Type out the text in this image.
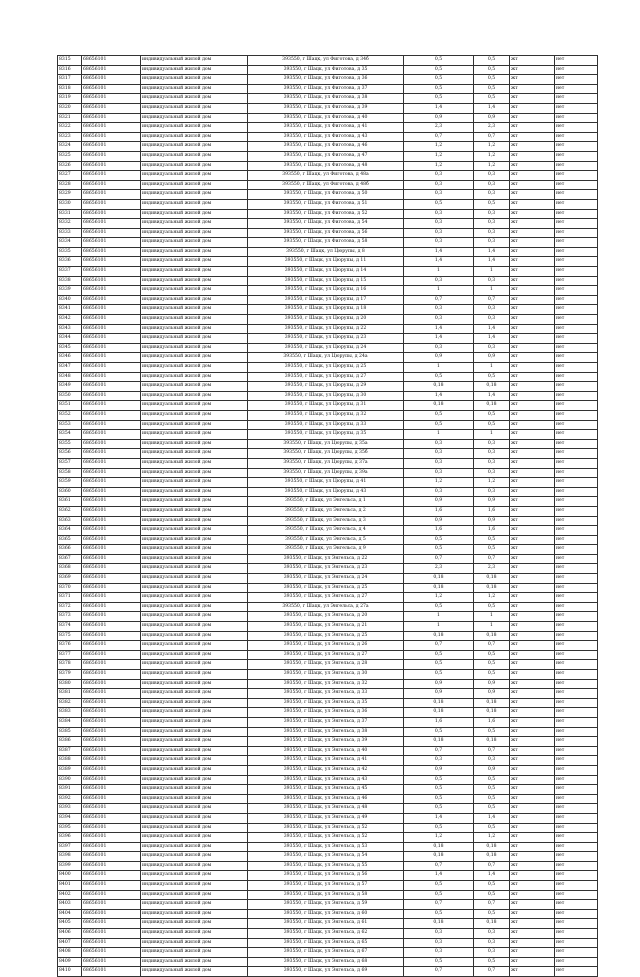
8315	68656101	индивидуальный жилой дом	393550, г Шацк, ул Фиготова, д 34б	0,5	0,5	жт	нет
8316	68656101	индивидуальный жилой дом	393550, г Шацк, ул Фиготова, д 35	0,5	0,5	жт	нет
8317	68656101	индивидуальный жилой дом	393550, г Шацк, ул Фиготова, д 36	0,5	0,5	жт	нет
8318	68656101	индивидуальный жилой дом	393550, г Шацк, ул Фиготова, д 37	0,5	0,5	жт	нет
8319	68656101	индивидуальный жилой дом	393550, г Шацк, ул Фиготова, д 38	0,5	0,5	жт	нет
8320	68656101	индивидуальный жилой дом	393550, г Шацк, ул Фиготова, д 39	1,4	1,4	жт	нет
8321	68656101	индивидуальный жилой дом	393550, г Шацк, ул Фиготова, д 40	0,9	0,9	жт	нет
8322	68656101	индивидуальный жилой дом	393550, г Шацк, ул Фиготова, д 41	2,3	2,3	жт	нет
8323	68656101	индивидуальный жилой дом	393550, г Шацк, ул Фиготова, д 43	0,7	0,7	жт	нет
8324	68656101	индивидуальный жилой дом	393550, г Шацк, ул Фиготова, д 46	1,2	1,2	жт	нет
8325	68656101	индивидуальный жилой дом	393550, г Шацк, ул Фиготова, д 47	1,2	1,2	жт	нет
8326	68656101	индивидуальный жилой дом	393550, г Шацк, ул Фиготова, д 48	1,2	1,2	жт	нет
8327	68656101	индивидуальный жилой дом	393550, г Шацк, ул Фиготова, д 48а	0,3	0,3	жт	нет
8328	68656101	индивидуальный жилой дом	393550, г Шацк, ул Фиготова, д 48б	0,3	0,3	жт	нет
8329	68656101	индивидуальный жилой дом	393550, г Шацк, ул Фиготова, д 50	0,3	0,3	жт	нет
8330	68656101	индивидуальный жилой дом	393550, г Шацк, ул Фиготова, д 51	0,5	0,5	жт	нет
8331	68656101	индивидуальный жилой дом	393550, г Шацк, ул Фиготова, д 52	0,3	0,3	жт	нет
8332	68656101	индивидуальный жилой дом	393550, г Шацк, ул Фиготова, д 54	0,3	0,3	жт	нет
8333	68656101	индивидуальный жилой дом	393550, г Шацк, ул Фиготова, д 56	0,3	0,3	жт	нет
8334	68656101	индивидуальный жилой дом	393550, г Шацк, ул Фиготова, д 58	0,3	0,3	жт	нет
8335	68656101	индивидуальный жилой дом	393550, г Шацк, ул Цюрупы, д 8	1,4	1,4	жт	нет
8336	68656101	индивидуальный жилой дом	393550, г Шацк, ул Цюрупы, д 11	1,4	1,4	жт	нет
8337	68656101	индивидуальный жилой дом	393550, г Шацк, ул Цюрупы, д 14	1	1	жт	нет
8338	68656101	индивидуальный жилой дом	393550, г Шацк, ул Цюрупы, д 15	0,3	0,3	жт	нет
8339	68656101	индивидуальный жилой дом	393550, г Шацк, ул Цюрупы, д 16	1	1	жт	нет
8340	68656101	индивидуальный жилой дом	393550, г Шацк, ул Цюрупы, д 17	0,7	0,7	жт	нет
8341	68656101	индивидуальный жилой дом	393550, г Шацк, ул Цюрупы, д 18	0,3	0,3	жт	нет
8342	68656101	индивидуальный жилой дом	393550, г Шацк, ул Цюрупы, д 20	0,3	0,3	жт	нет
8343	68656101	индивидуальный жилой дом	393550, г Шацк, ул Цюрупы, д 22	1,4	1,4	жт	нет
8344	68656101	индивидуальный жилой дом	393550, г Шацк, ул Цюрупы, д 23	1,4	1,4	жт	нет
8345	68656101	индивидуальный жилой дом	393550, г Шацк, ул Цюрупы, д 24	0,3	0,3	жт	нет
8346	68656101	индивидуальный жилой дом	393550, г Шацк, ул Цюрупы, д 24а	0,9	0,9	жт	нет
8347	68656101	индивидуальный жилой дом	393550, г Шацк, ул Цюрупы, д 25	1	1	жт	нет
8348	68656101	индивидуальный жилой дом	393550, г Шацк, ул Цюрупы, д 27	0,5	0,5	жт	нет
8349	68656101	индивидуальный жилой дом	393550, г Шацк, ул Цюрупы, д 29	0,18	0,18	жт	нет
8350	68656101	индивидуальный жилой дом	393550, г Шацк, ул Цюрупы, д 30	1,4	1,4	жт	нет
8351	68656101	индивидуальный жилой дом	393550, г Шацк, ул Цюрупы, д 31	0,18	0,18	жт	нет
8352	68656101	индивидуальный жилой дом	393550, г Шацк, ул Цюрупы, д 32	0,5	0,5	жт	нет
8353	68656101	индивидуальный жилой дом	393550, г Шацк, ул Цюрупы, д 33	0,5	0,5	жт	нет
8354	68656101	индивидуальный жилой дом	393550, г Шацк, ул Цюрупы, д 35	1	1	жт	нет
8355	68656101	индивидуальный жилой дом	393550, г Шацк, ул Цюрупы, д 35а	0,3	0,3	жт	нет
8356	68656101	индивидуальный жилой дом	393550, г Шацк, ул Цюрупы, д 35б	0,3	0,3	жт	нет
8357	68656101	индивидуальный жилой дом	393550, г Шацк, ул Цюрупы, д 37а	0,3	0,3	жт	нет
8358	68656101	индивидуальный жилой дом	393550, г Шацк, ул Цюрупы, д 39а	0,3	0,3	жт	нет
8359	68656101	индивидуальный жилой дом	393550, г Шацк, ул Цюрупы, д 41	1,2	1,2	жт	нет
8360	68656101	индивидуальный жилой дом	393550, г Шацк, ул Цюрупы, д 43	0,3	0,3	жт	нет
8361	68656101	индивидуальный жилой дом	393550, г Шацк, ул Энгельса, д 1	0,9	0,9	жт	нет
8362	68656101	индивидуальный жилой дом	393550, г Шацк, ул Энгельса, д 2	1,6	1,6	жт	нет
8363	68656101	индивидуальный жилой дом	393550, г Шацк, ул Энгельса, д 3	0,9	0,9	жт	нет
8364	68656101	индивидуальный жилой дом	393550, г Шацк, ул Энгельса, д 4	1,6	1,6	жт	нет
8365	68656101	индивидуальный жилой дом	393550, г Шацк, ул Энгельса, д 5	0,5	0,5	жт	нет
8366	68656101	индивидуальный жилой дом	393550, г Шацк, ул Энгельса, д 9	0,5	0,5	жт	нет
8367	68656101	индивидуальный жилой дом	393550, г Шацк, ул Энгельса, д 22	0,7	0,7	жт	нет
8368	68656101	индивидуальный жилой дом	393550, г Шацк, ул Энгельса, д 23	2,3	2,3	жт	нет
8369	68656101	индивидуальный жилой дом	393550, г Шацк, ул Энгельса, д 24	0,18	0,18	жт	нет
8370	68656101	индивидуальный жилой дом	393550, г Шацк, ул Энгельса, д 25	0,18	0,18	жт	нет
8371	68656101	индивидуальный жилой дом	393550, г Шацк, ул Энгельса, д 27	1,2	1,2	жт	нет
8372	68656101	индивидуальный жилой дом	393550, г Шацк, ул Энгельса, д 27а	0,5	0,5	жт	нет
8373	68656101	индивидуальный жилой дом	393550, г Шацк, ул Энгельса, д 20	1	1	жт	нет
8374	68656101	индивидуальный жилой дом	393550, г Шацк, ул Энгельса, д 21	1	1	жт	нет
8375	68656101	индивидуальный жилой дом	393550, г Шацк, ул Энгельса, д 25	0,18	0,18	жт	нет
8376	68656101	индивидуальный жилой дом	393550, г Шацк, ул Энгельса, д 26	0,7	0,7	жт	нет
8377	68656101	индивидуальный жилой дом	393550, г Шацк, ул Энгельса, д 27	0,5	0,5	жт	нет
8378	68656101	индивидуальный жилой дом	393550, г Шацк, ул Энгельса, д 28	0,5	0,5	жт	нет
8379	68656101	индивидуальный жилой дом	393550, г Шацк, ул Энгельса, д 30	0,5	0,5	жт	нет
8380	68656101	индивидуальный жилой дом	393550, г Шацк, ул Энгельса, д 32	0,9	0,9	жт	нет
8381	68656101	индивидуальный жилой дом	393550, г Шацк, ул Энгельса, д 33	0,9	0,9	жт	нет
8382	68656101	индивидуальный жилой дом	393550, г Шацк, ул Энгельса, д 35	0,18	0,18	жт	нет
8383	68656101	индивидуальный жилой дом	393550, г Шацк, ул Энгельса, д 36	0,18	0,18	жт	нет
8384	68656101	индивидуальный жилой дом	393550, г Шацк, ул Энгельса, д 37	1,6	1,6	жт	нет
8385	68656101	индивидуальный жилой дом	393550, г Шацк, ул Энгельса, д 38	0,5	0,5	жт	нет
8386	68656101	индивидуальный жилой дом	393550, г Шацк, ул Энгельса, д 39	0,18	0,18	жт	нет
8387	68656101	индивидуальный жилой дом	393550, г Шацк, ул Энгельса, д 40	0,7	0,7	жт	нет
8388	68656101	индивидуальный жилой дом	393550, г Шацк, ул Энгельса, д 41	0,3	0,3	жт	нет
8389	68656101	индивидуальный жилой дом	393550, г Шацк, ул Энгельса, д 42	0,9	0,9	жт	нет
8390	68656101	индивидуальный жилой дом	393550, г Шацк, ул Энгельса, д 43	0,5	0,5	жт	нет
8391	68656101	индивидуальный жилой дом	393550, г Шацк, ул Энгельса, д 45	0,5	0,5	жт	нет
8392	68656101	индивидуальный жилой дом	393550, г Шацк, ул Энгельса, д 46	0,5	0,5	жт	нет
8393	68656101	индивидуальный жилой дом	393550, г Шацк, ул Энгельса, д 48	0,5	0,5	жт	нет
8394	68656101	индивидуальный жилой дом	393550, г Шацк, ул Энгельса, д 49	1,4	1,4	жт	нет
8395	68656101	индивидуальный жилой дом	393550, г Шацк, ул Энгельса, д 52	0,5	0,5	жт	нет
8396	68656101	индивидуальный жилой дом	393550, г Шацк, ул Энгельса, д 52	1,2	1,2	жт	нет
8397	68656101	индивидуальный жилой дом	393550, г Шацк, ул Энгельса, д 53	0,18	0,18	жт	нет
8398	68656101	индивидуальный жилой дом	393550, г Шацк, ул Энгельса, д 54	0,18	0,18	жт	нет
8399	68656101	индивидуальный жилой дом	393550, г Шацк, ул Энгельса, д 55	0,7	0,7	жт	нет
8400	68656101	индивидуальный жилой дом	393550, г Шацк, ул Энгельса, д 56	1,4	1,4	жт	нет
8401	68656101	индивидуальный жилой дом	393550, г Шацк, ул Энгельса, д 57	0,5	0,5	жт	нет
8402	68656101	индивидуальный жилой дом	393550, г Шацк, ул Энгельса, д 58	0,5	0,5	жт	нет
8403	68656101	индивидуальный жилой дом	393550, г Шацк, ул Энгельса, д 59	0,7	0,7	жт	нет
8404	68656101	индивидуальный жилой дом	393550, г Шацк, ул Энгельса, д 60	0,5	0,5	жт	нет
8405	68656101	индивидуальный жилой дом	393550, г Шацк, ул Энгельса, д 61	0,18	0,18	жт	нет
8406	68656101	индивидуальный жилой дом	393550, г Шацк, ул Энгельса, д 62	0,3	0,3	жт	нет
8407	68656101	индивидуальный жилой дом	393550, г Шацк, ул Энгельса, д 65	0,3	0,3	жт	нет
8408	68656101	индивидуальный жилой дом	393550, г Шацк, ул Энгельса, д 67	0,3	0,3	жт	нет
8409	68656101	индивидуальный жилой дом	393550, г Шацк, ул Энгельса, д 68	0,5	0,5	жт	нет
8410	68656101	индивидуальный жилой дом	393550, г Шацк, ул Энгельса, д 69	0,7	0,7	жт	нет
